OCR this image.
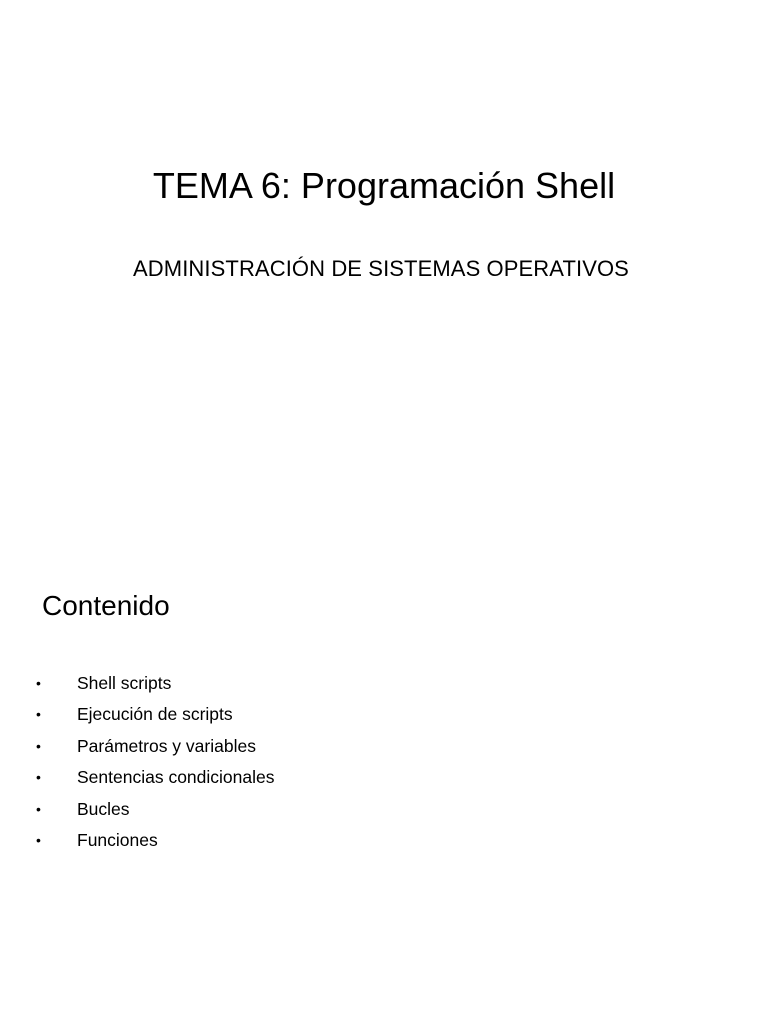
TEMA 6: Programación Shell
ADMINISTRACIÓN DE SISTEMAS OPERATIVOS
Contenido
• Shell scripts
• Ejecución de scripts
• Parámetros y variables
• Sentencias condicionales
• Bucles
• Funciones
